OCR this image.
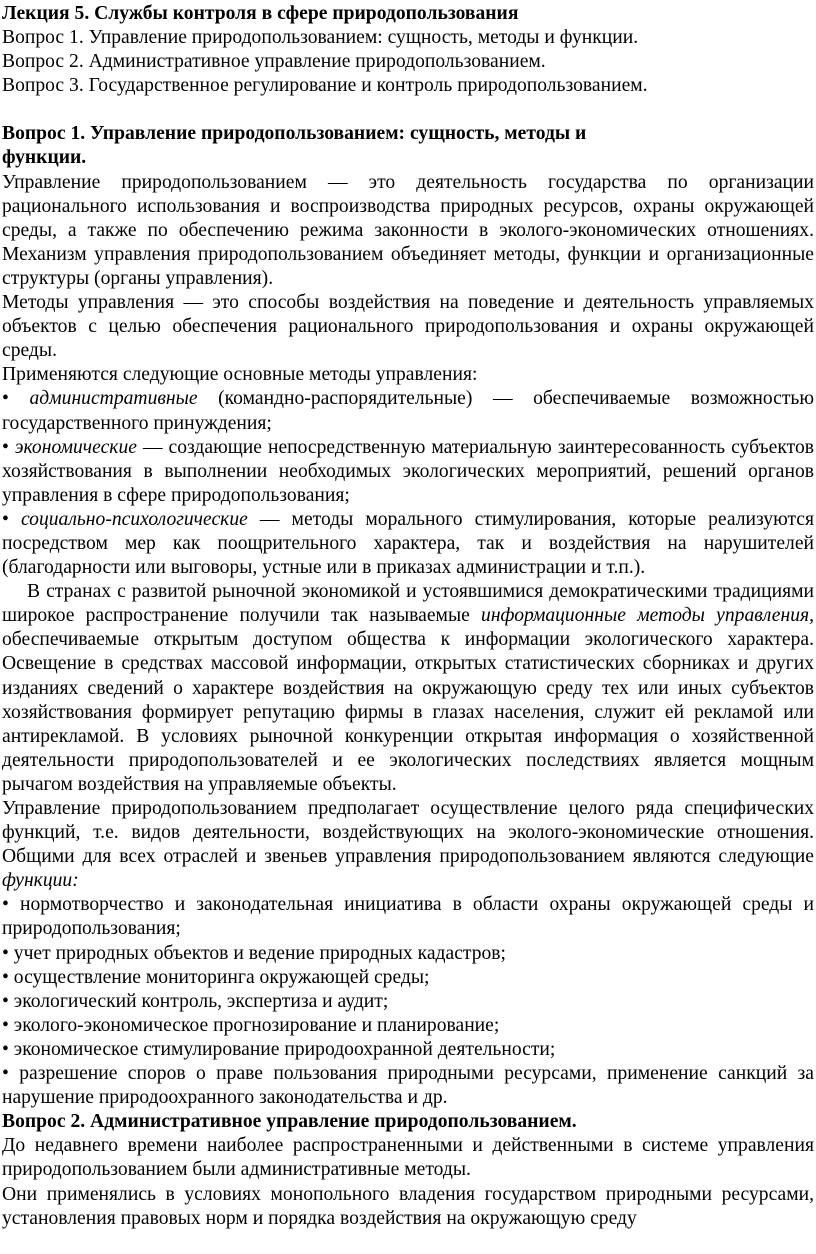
Лекция 5. Службы контроля в сфере природопользования

Вопрос 1. Управление природопользованием: сущность, методы и функции.

Вопрос 2. Административное управление природопользованием.

Вопрос 3. Государственное регулирование и контроль природопользованием.

Вопрос 1. Управление природопользованием: сущность, методы и
функции.

Управление природопользованием — это деятельность государства по организации рационального использования и воспроизводства природных ресурсов, охраны окружающей среды, а также по обеспечению режима законности в эколого-экономических отношениях. Механизм управления природопользованием объединяет методы, функции и организационные структуры (органы управления).

Методы управления — это способы воздействия на поведение и деятельность управляемых объектов с целью обеспечения рационального природопользования и охраны окружающей среды.

Применяются следующие основные методы управления:

• административные (командно-распорядительные) — обеспечиваемые возможностью государственного принуждения;

• экономические — создающие непосредственную материальную заинтересованность субъектов хозяйствования в выполнении необходимых экологических мероприятий, решений органов управления в сфере природопользования;

• социально-психологические — методы морального стимулирования, которые реализуются посредством мер как поощрительного характера, так и воздействия на нарушителей (благодарности или выговоры, устные или в приказах администрации и т.п.).

В странах с развитой рыночной экономикой и устоявшимися демократическими традициями широкое распространение получили так называемые информационные методы управления, обеспечиваемые открытым доступом общества к информации экологического характера. Освещение в средствах массовой информации, открытых статистических сборниках и других изданиях сведений о характере воздействия на окружающую среду тех или иных субъектов хозяйствования формирует репутацию фирмы в глазах населения, служит ей рекламой или антирекламой. В условиях рыночной конкуренции открытая информация о хозяйственной деятельности природопользователей и ее экологических последствиях является мощным рычагом воздействия на управляемые объекты.

Управление природопользованием предполагает осуществление целого ряда специфических функций, т.е. видов деятельности, воздействующих на эколого-экономические отношения. Общими для всех отраслей и звеньев управления природопользованием являются следующие функции:

• нормотворчество и законодательная инициатива в области охраны окружающей среды и природопользования;

• учет природных объектов и ведение природных кадастров;

• осуществление мониторинга окружающей среды;

• экологический контроль, экспертиза и аудит;

• эколого-экономическое прогнозирование и планирование;

• экономическое стимулирование природоохранной деятельности;

• разрешение споров о праве пользования природными ресурсами, применение санкций за нарушение природоохранного законодательства и др.

Вопрос 2. Административное управление природопользованием.

До недавнего времени наиболее распространенными и действенными в системе управления природопользованием были административные методы.

Они применялись в условиях монопольного владения государством природными ресурсами, установления правовых норм и порядка воздействия на окружающую среду
